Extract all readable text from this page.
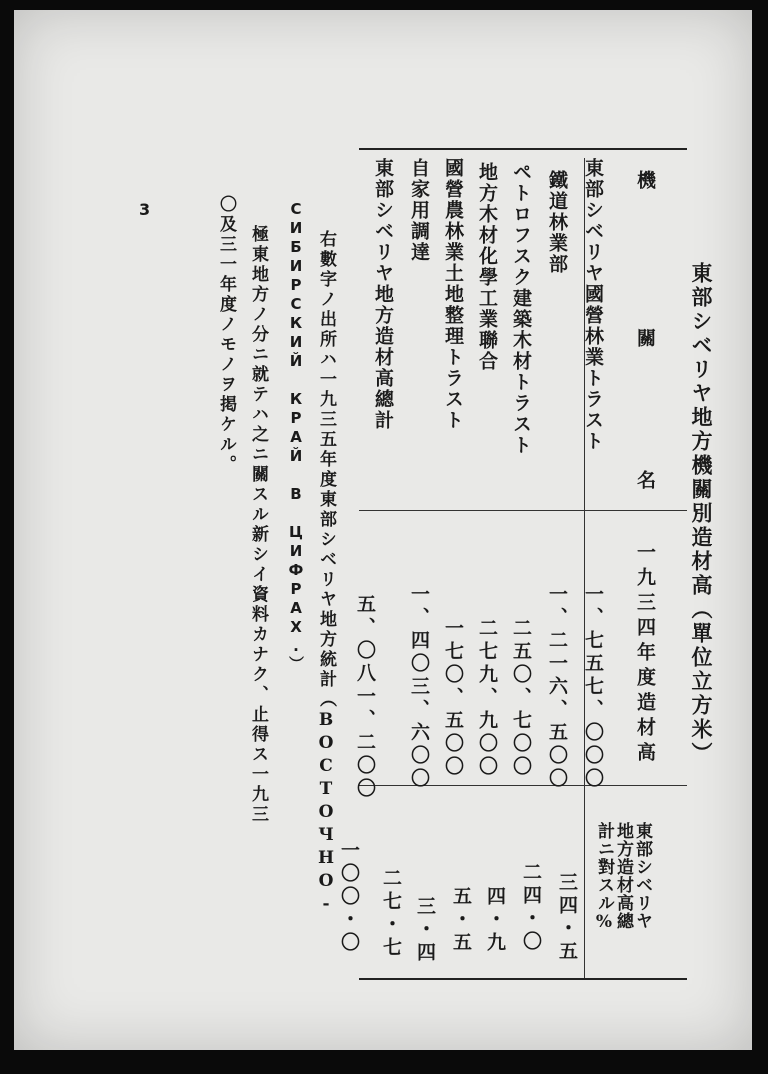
3
東部シベリヤ地方機關別造材高（單位立方米）
機
關
名
一九三四年度造材高
東部シベリヤ
地方造材高總
計ニ對スル%
東部シベリヤ國營林業トラスト
一、七五七、〇〇〇
三四・五
鐵道林業部
一、二一六、五〇〇
二四・〇
ペトロフスク建築木材トラスト
二五〇、七〇〇
四・九
地方木材化學工業聯合
二七九、九〇〇
五・五
國營農林業土地整理トラスト
一七〇、五〇〇
自家用調達
一、四〇三、六〇〇
三・四
二七・七
東部シベリヤ地方造材高總計
五、〇八一、二〇〇
一〇〇・〇
右數字ノ出所ハ一九三五年度東部シベリヤ地方統計（ВОСТОЧНО-
СИБИРСКИЙ КРАЙ В ЦИФРАХ.）
極東地方ノ分ニ就テハ之ニ關スル新シイ資料カナク、止得ス一九三
〇及三一年度ノモノヲ掲ケル。
